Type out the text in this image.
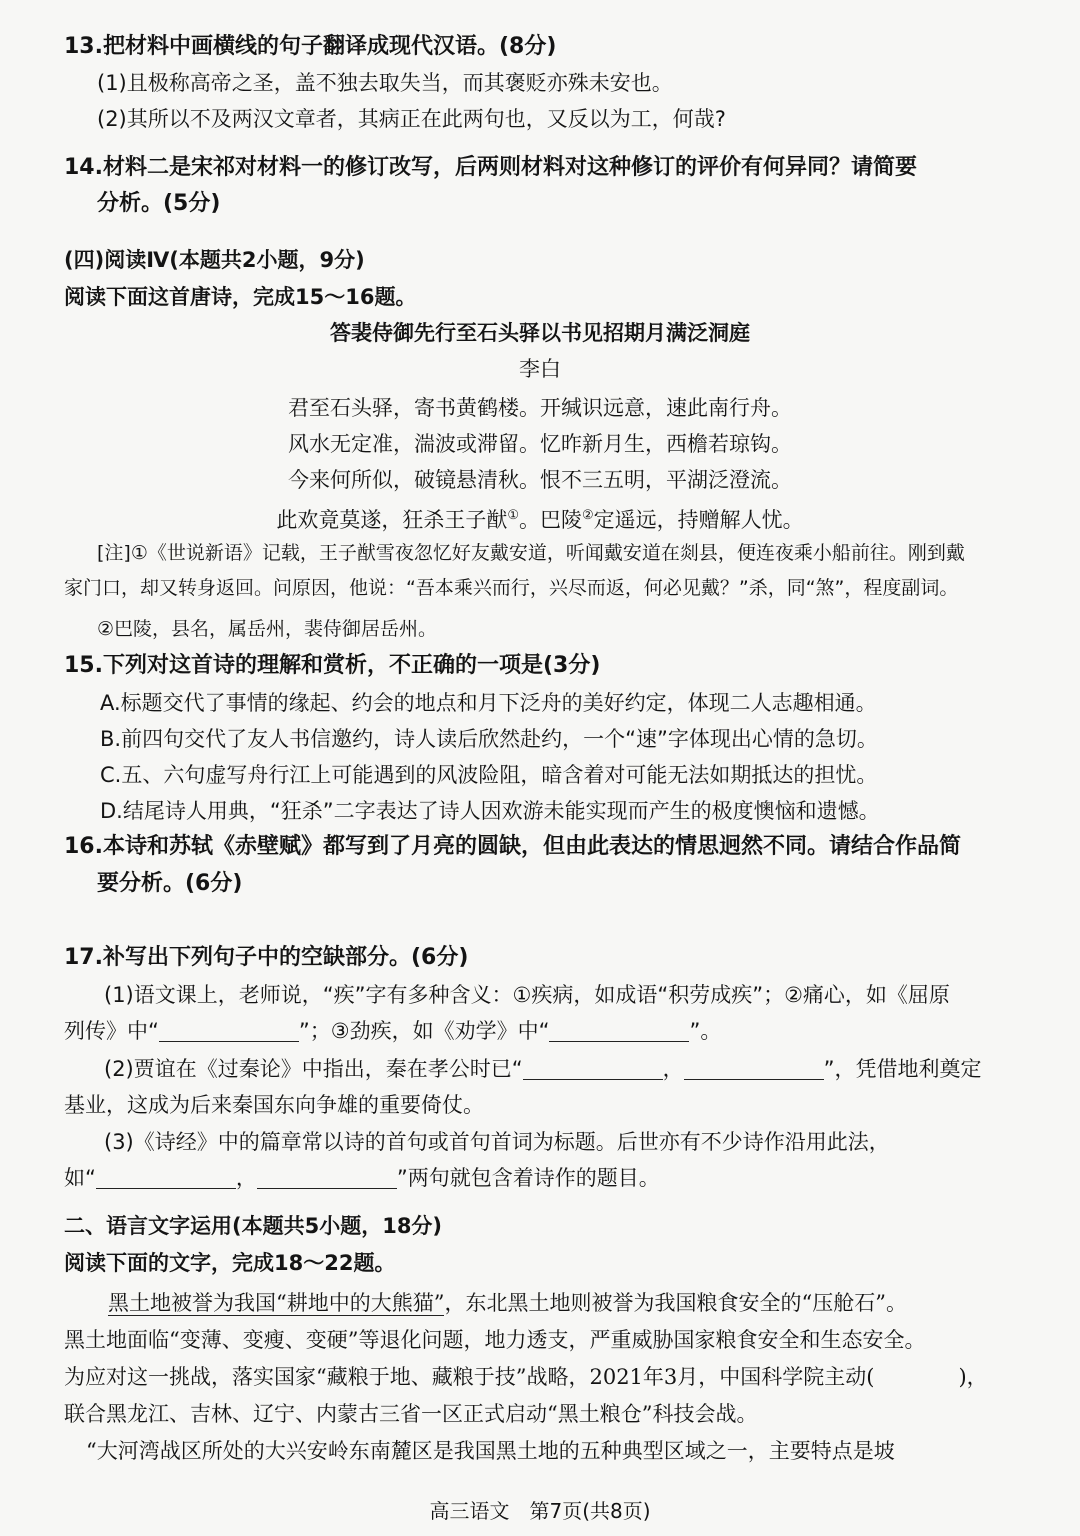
13.把材料中画横线的句子翻译成现代汉语。(8分)
(1)且极称高帝之圣，盖不独去取失当，而其褒贬亦殊未安也。
(2)其所以不及两汉文章者，其病正在此两句也，又反以为工，何哉?
14.材料二是宋祁对材料一的修订改写，后两则材料对这种修订的评价有何异同？请简要
分析。(5分)
(四)阅读Ⅳ(本题共2小题，9分)
阅读下面这首唐诗，完成15～16题。
答裴侍御先行至石头驿以书见招期月满泛洞庭
李白
君至石头驿，寄书黄鹤楼。开缄识远意，速此南行舟。
风水无定准，湍波或滞留。忆昨新月生，西檐若琼钩。
今来何所似，破镜悬清秋。恨不三五明，平湖泛澄流。
此欢竟莫遂，狂杀王子猷①。巴陵②定遥远，持赠解人忧。
[注]①《世说新语》记载，王子猷雪夜忽忆好友戴安道，听闻戴安道在剡县，便连夜乘小船前往。刚到戴
家门口，却又转身返回。问原因，他说：“吾本乘兴而行，兴尽而返，何必见戴？”杀，同“煞”，程度副词。
②巴陵，县名，属岳州，裴侍御居岳州。
15.下列对这首诗的理解和赏析，不正确的一项是(3分)
A.标题交代了事情的缘起、约会的地点和月下泛舟的美好约定，体现二人志趣相通。
B.前四句交代了友人书信邀约，诗人读后欣然赴约，一个“速”字体现出心情的急切。
C.五、六句虚写舟行江上可能遇到的风波险阻，暗含着对可能无法如期抵达的担忧。
D.结尾诗人用典，“狂杀”二字表达了诗人因欢游未能实现而产生的极度懊恼和遗憾。
16.本诗和苏轼《赤壁赋》都写到了月亮的圆缺，但由此表达的情思迥然不同。请结合作品简
要分析。(6分)
17.补写出下列句子中的空缺部分。(6分)
(1)语文课上，老师说，“疾”字有多种含义：①疾病，如成语“积劳成疾”；②痛心，如《屈原
列传》中“	”；③劲疾，如《劝学》中“	”。
(2)贾谊在《过秦论》中指出，秦在孝公时已“	，	”，凭借地利奠定
基业，这成为后来秦国东向争雄的重要倚仗。
(3)《诗经》中的篇章常以诗的首句或首句首词为标题。后世亦有不少诗作沿用此法，
如“	，	”两句就包含着诗作的题目。
二、语言文字运用(本题共5小题，18分)
阅读下面的文字，完成18～22题。
黑土地被誉为我国“耕地中的大熊猫”，东北黑土地则被誉为我国粮食安全的“压舱石”。
黑土地面临“变薄、变瘦、变硬”等退化问题，地力透支，严重威胁国家粮食安全和生态安全。
为应对这一挑战，落实国家“藏粮于地、藏粮于技”战略，2021年3月，中国科学院主动(　　　　)，
联合黑龙江、吉林、辽宁、内蒙古三省一区正式启动“黑土粮仓”科技会战。
“大河湾战区所处的大兴安岭东南麓区是我国黑土地的五种典型区域之一，主要特点是坡
高三语文　第7页(共8页)
